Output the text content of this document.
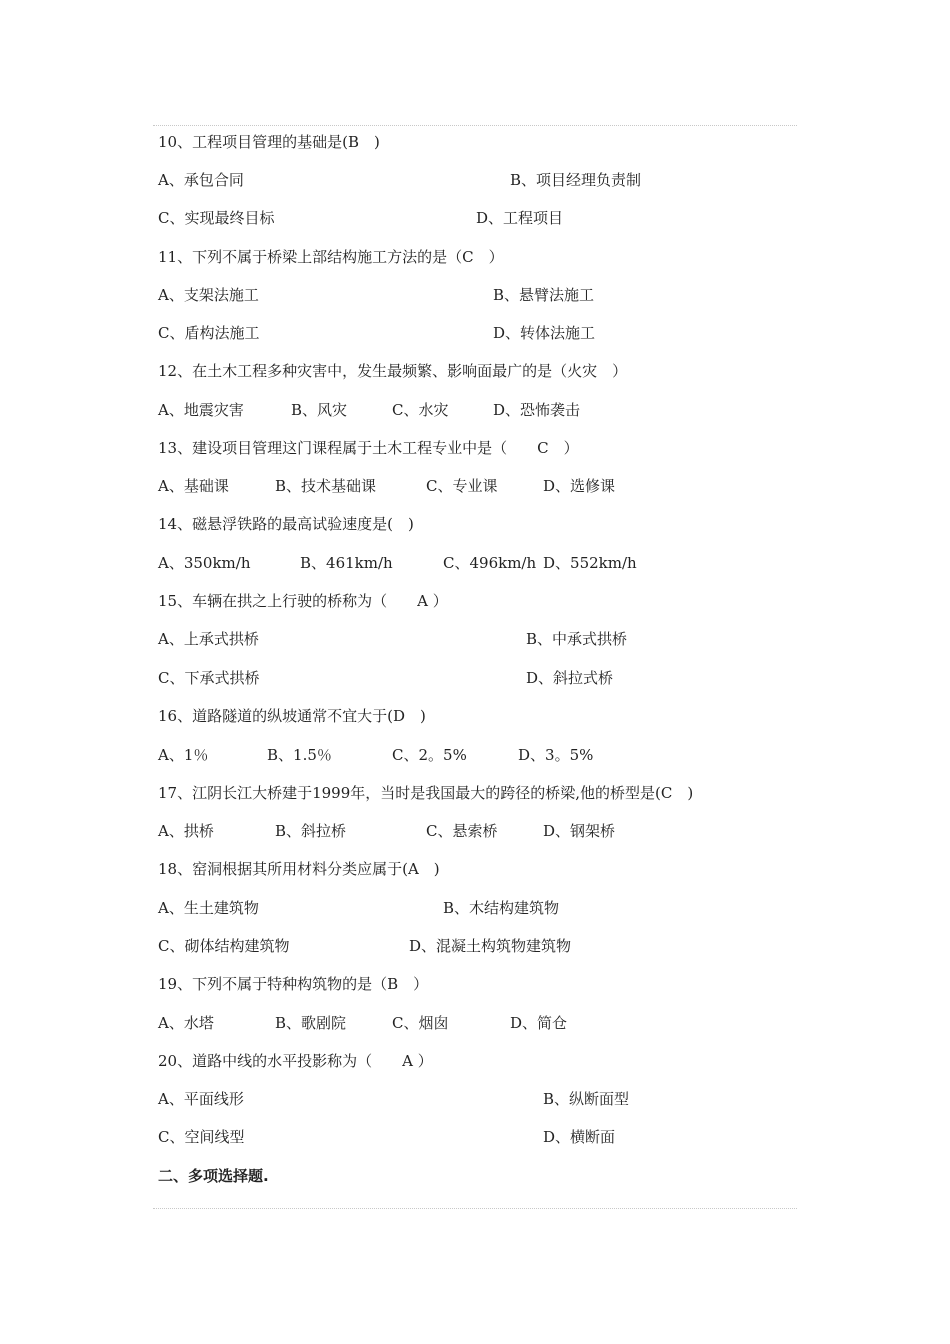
10、工程项目管理的基础是(B　)

A、承包合同

	B、项目经理负责制

C、实现最终目标

	D、工程项目

11、下列不属于桥梁上部结构施工方法的是（C　）

A、支架法施工

	B、悬臂法施工

C、盾构法施工

	D、转体法施工

12、在土木工程多种灾害中，发生最频繁、影响面最广的是（火灾　）

A、地震灾害

	B、风灾

	C、水灾

	D、恐怖袭击

13、建设项目管理这门课程属于土木工程专业中是（　　C　）

A、基础课

	B、技术基础课

	C、专业课

	D、选修课

14、磁悬浮铁路的最高试验速度是(　)

A、350km/h

	B、461km/h

	C、496km/h

D、552km/h

15、车辆在拱之上行驶的桥称为（　　A ）

A、上承式拱桥

	B、中承式拱桥

C、下承式拱桥

	D、斜拉式桥

16、道路隧道的纵坡通常不宜大于(D　)

A、1％

	B、1.5％

	C、2。5%

	D、3。5%

17、江阴长江大桥建于1999年，当时是我国最大的跨径的桥梁,他的桥型是(C　)

A、拱桥

	B、斜拉桥

	C、悬索桥

	D、钢架桥

18、窑洞根据其所用材料分类应属于(A　)

A、生土建筑物

	B、木结构建筑物

C、砌体结构建筑物

	D、混凝土构筑物建筑物

19、下列不属于特种构筑物的是（B　）

A、水塔

	B、歌剧院

	C、烟囱

	D、简仓

20、道路中线的水平投影称为（　　A ）

A、平面线形

	B、纵断面型

C、空间线型

	D、横断面

二、多项选择题.
